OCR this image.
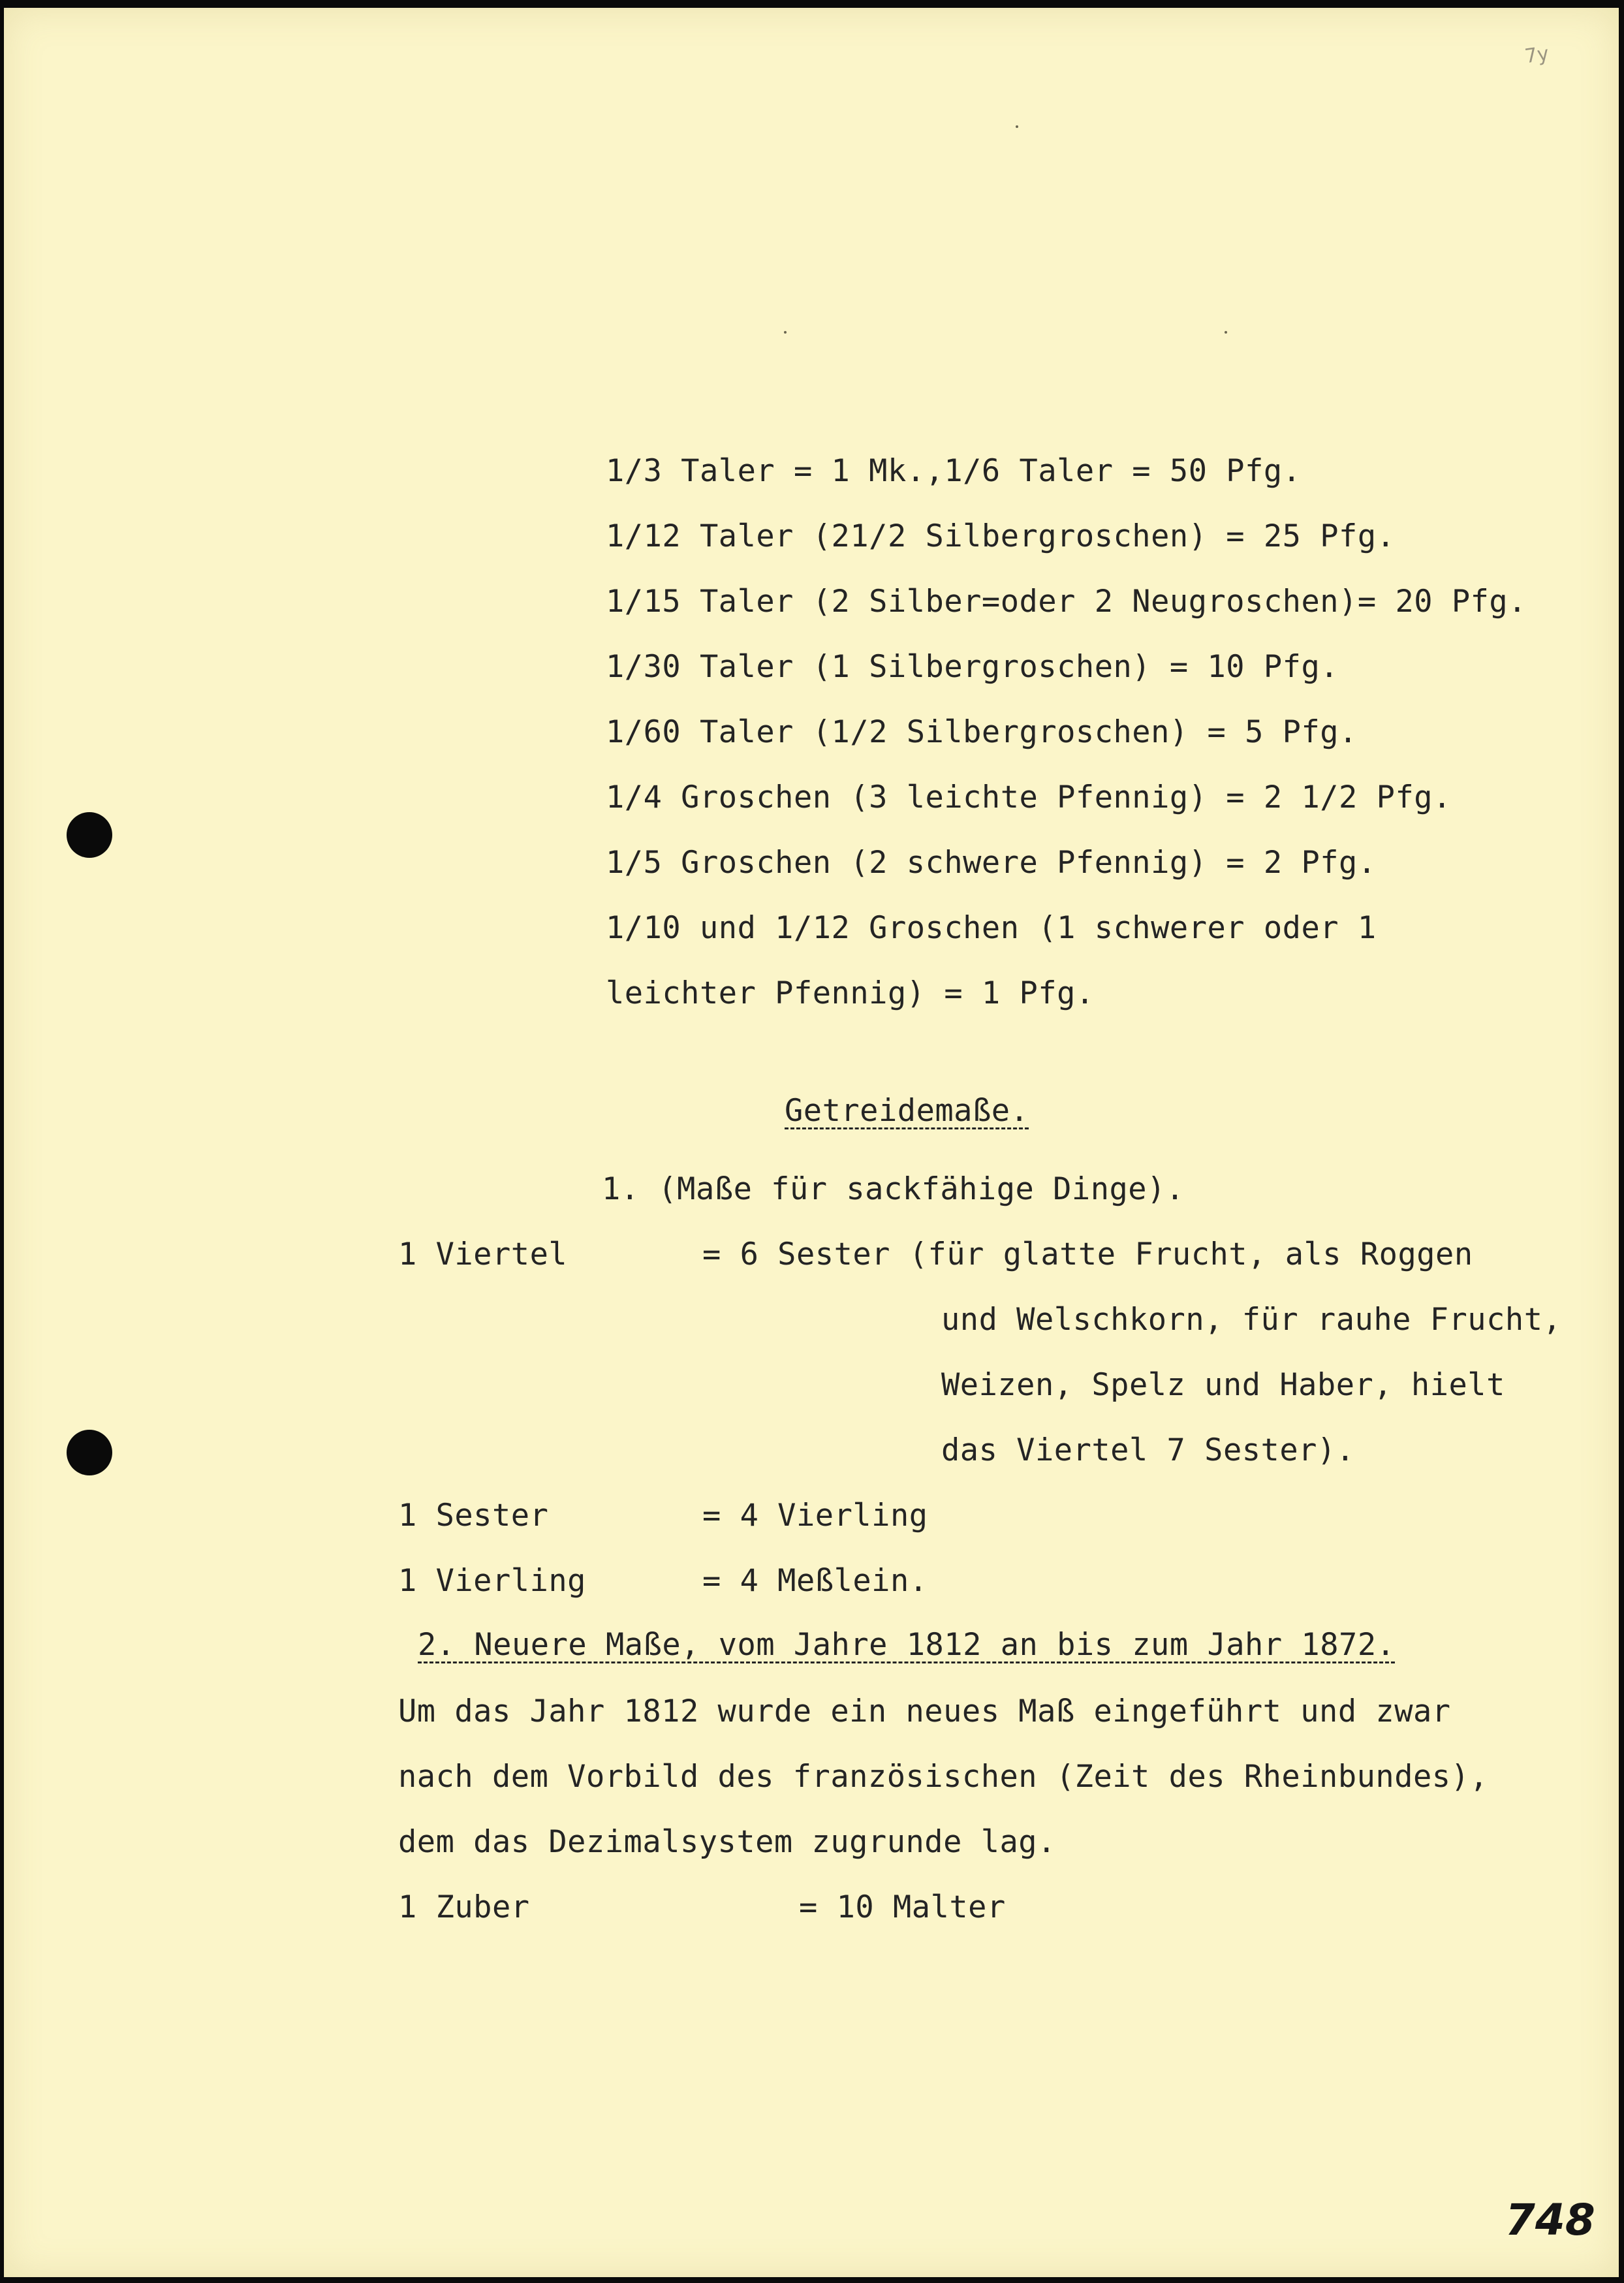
7y
1/3 Taler = 1 Mk.,1/6 Taler = 50 Pfg.
1/12 Taler (21/2 Silbergroschen) = 25 Pfg.
1/15 Taler (2 Silber=oder 2 Neugroschen)= 20 Pfg.
1/30 Taler (1 Silbergroschen) = 10 Pfg.
1/60 Taler (1/2 Silbergroschen) = 5 Pfg.
1/4 Groschen (3 leichte Pfennig) = 2 1/2 Pfg.
1/5 Groschen (2 schwere Pfennig) = 2 Pfg.
1/10 und 1/12 Groschen (1 schwerer oder 1
leichter Pfennig) = 1 Pfg.
Getreidemaße.
1. (Maße für sackfähige Dinge).
1 Viertel	= 6 Sester (für glatte Frucht, als Roggen
und Welschkorn, für rauhe Frucht,
Weizen, Spelz und Haber, hielt
das Viertel 7 Sester).
1 Sester	= 4 Vierling
1 Vierling	= 4 Meßlein.
2. Neuere Maße, vom Jahre 1812 an bis zum Jahr 1872.
Um das Jahr 1812 wurde ein neues Maß eingeführt und zwar
nach dem Vorbild des französischen (Zeit des Rheinbundes),
dem das Dezimalsystem zugrunde lag.
1 Zuber	= 10 Malter
748
